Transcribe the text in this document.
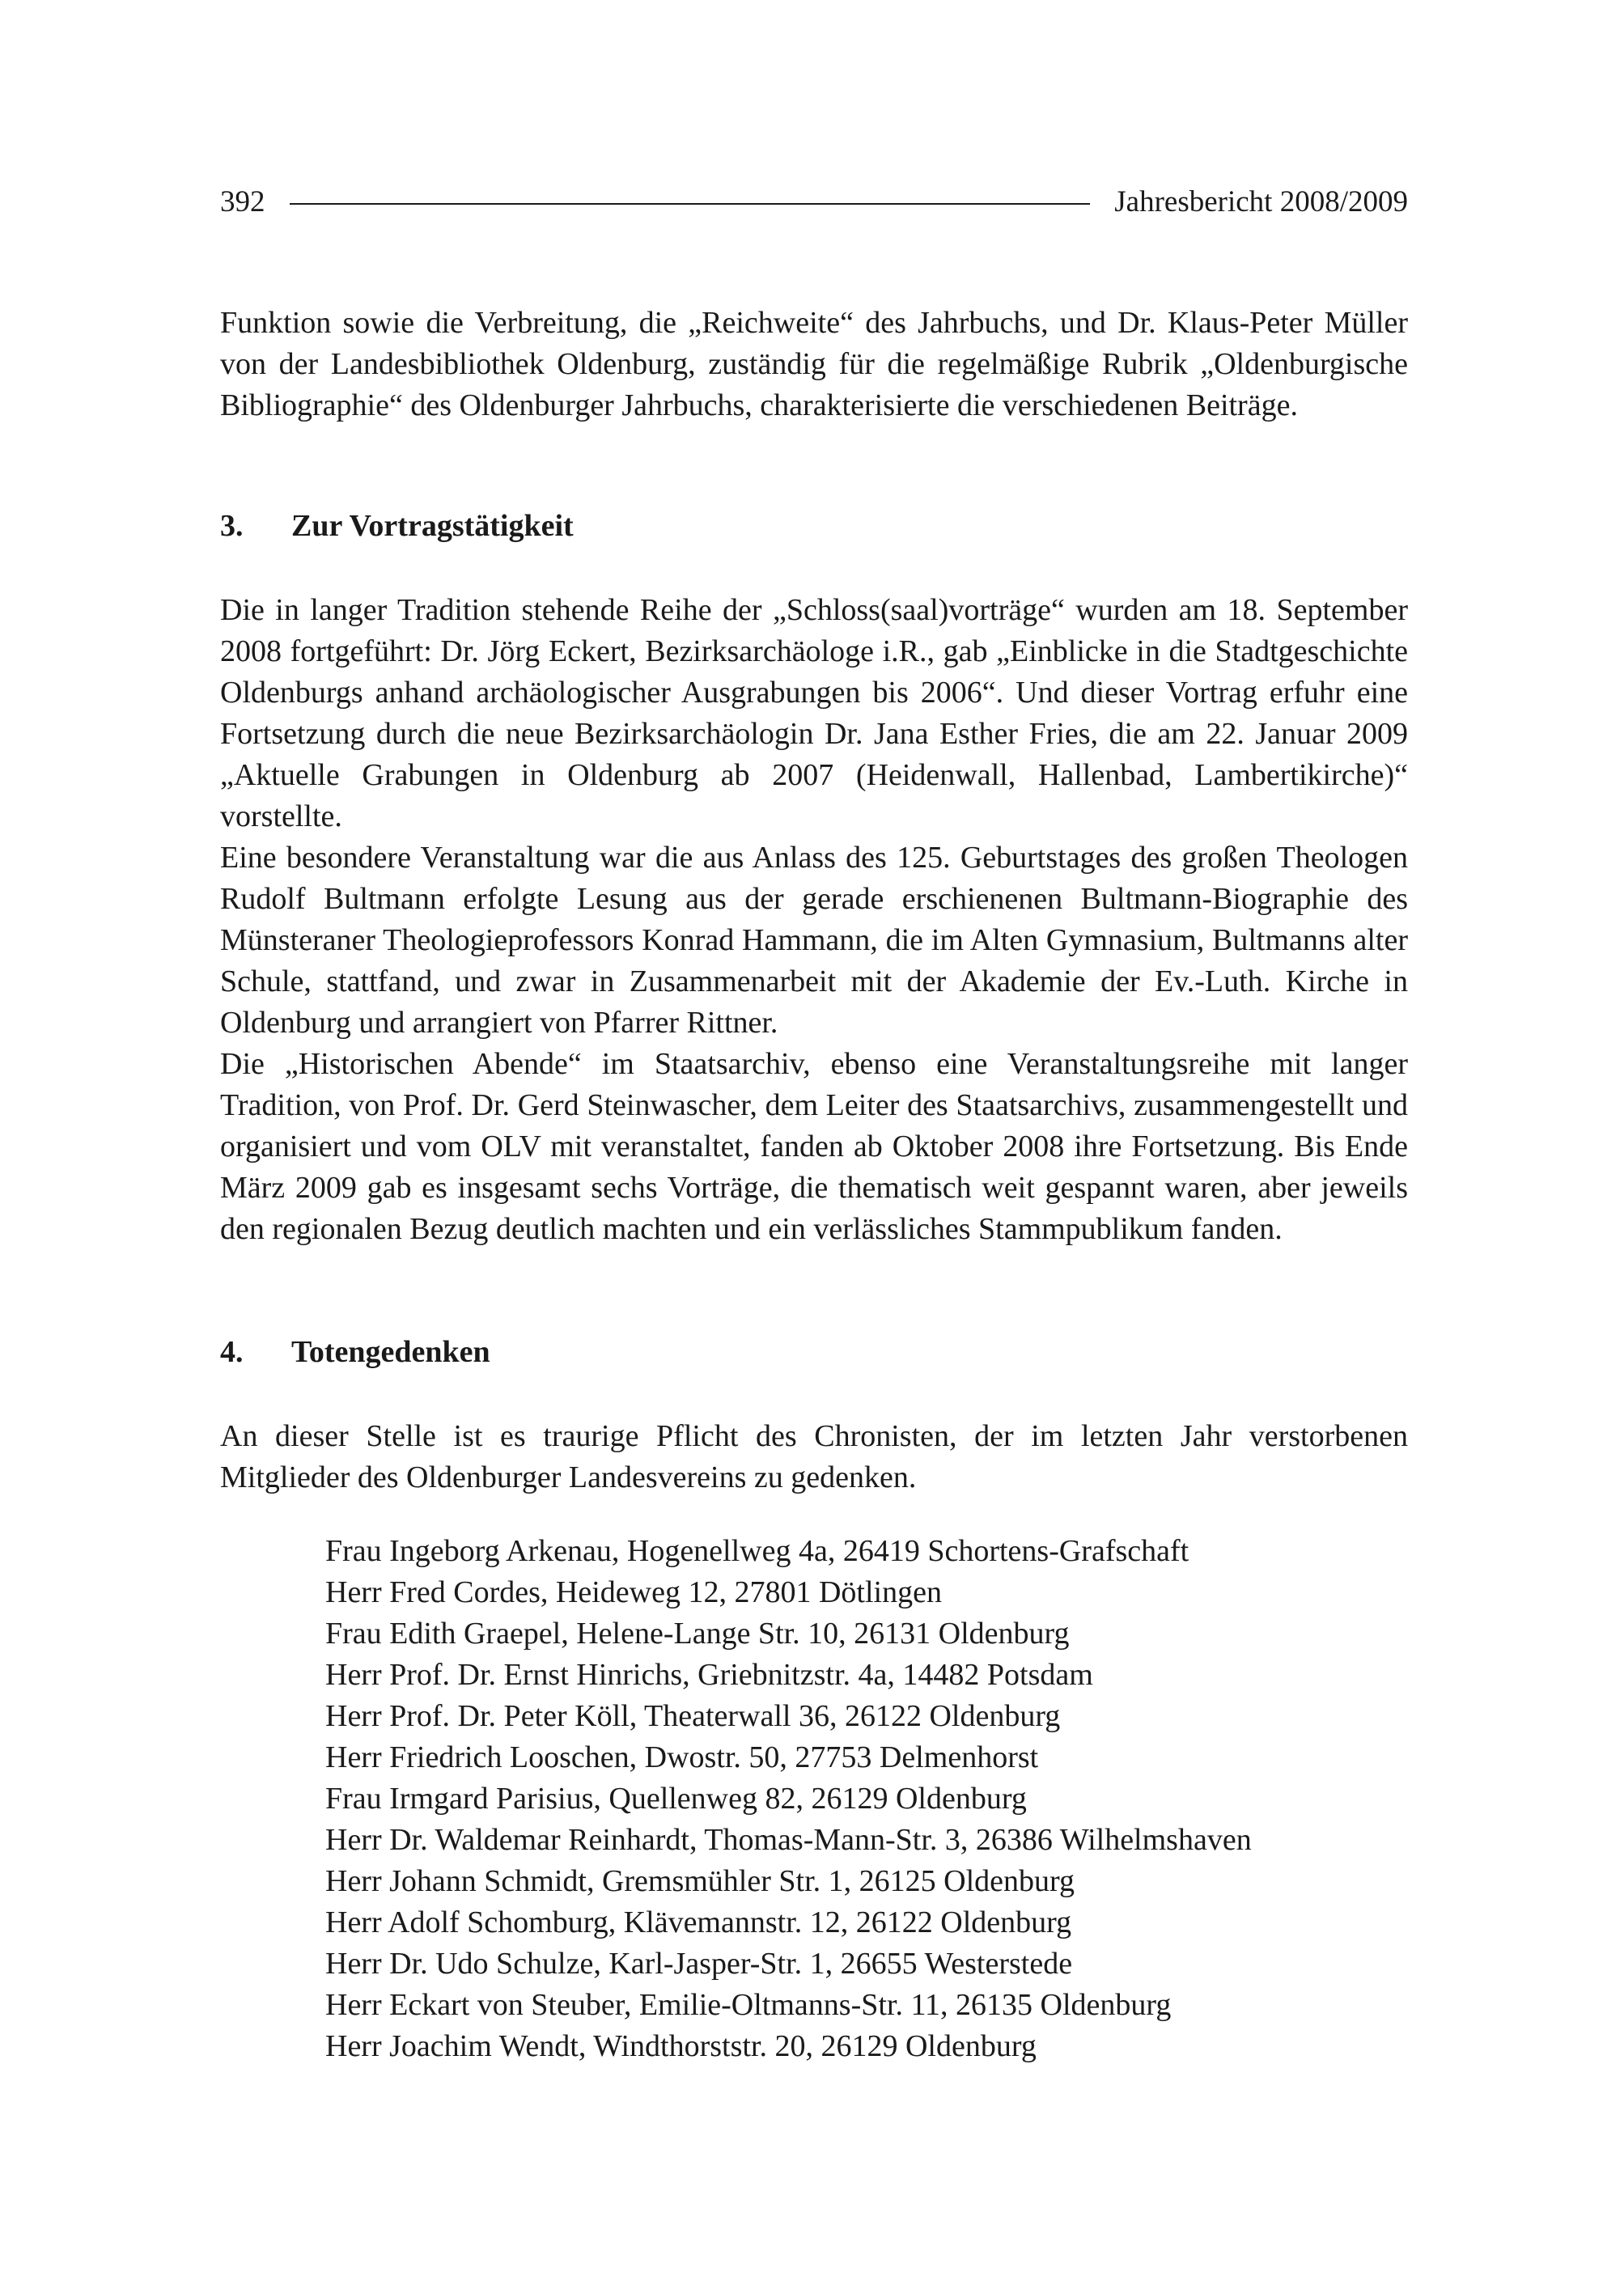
392	Jahresbericht 2008/2009

Funktion sowie die Verbreitung, die „Reichweite“ des Jahrbuchs, und Dr. Klaus-Peter Müller von der Landesbibliothek Oldenburg, zuständig für die regelmäßige Rubrik „Oldenburgische Bibliographie“ des Oldenburger Jahrbuchs, charakterisierte die verschiedenen Beiträge.

3.	Zur Vortragstätigkeit

Die in langer Tradition stehende Reihe der „Schloss(saal)vorträge“ wurden am 18. September 2008 fortgeführt: Dr. Jörg Eckert, Bezirksarchäologe i.R., gab „Einblicke in die Stadtgeschichte Oldenburgs anhand archäologischer Ausgrabungen bis 2006“. Und dieser Vortrag erfuhr eine Fortsetzung durch die neue Bezirksarchäologin Dr. Jana Esther Fries, die am 22. Januar 2009 „Aktuelle Grabungen in Oldenburg ab 2007 (Heidenwall, Hallenbad, Lambertikirche)“ vorstellte.

Eine besondere Veranstaltung war die aus Anlass des 125. Geburtstages des großen Theologen Rudolf Bultmann erfolgte Lesung aus der gerade erschienenen Bultmann-Biographie des Münsteraner Theologieprofessors Konrad Hammann, die im Alten Gymnasium, Bultmanns alter Schule, stattfand, und zwar in Zusammenarbeit mit der Akademie der Ev.-Luth. Kirche in Oldenburg und arrangiert von Pfarrer Rittner.

Die „Historischen Abende“ im Staatsarchiv, ebenso eine Veranstaltungsreihe mit langer Tradition, von Prof. Dr. Gerd Steinwascher, dem Leiter des Staatsarchivs, zusammengestellt und organisiert und vom OLV mit veranstaltet, fanden ab Oktober 2008 ihre Fortsetzung. Bis Ende März 2009 gab es insgesamt sechs Vorträge, die thematisch weit gespannt waren, aber jeweils den regionalen Bezug deutlich machten und ein verlässliches Stammpublikum fanden.

4.	Totengedenken

An dieser Stelle ist es traurige Pflicht des Chronisten, der im letzten Jahr verstorbenen Mitglieder des Oldenburger Landesvereins zu gedenken.

Frau Ingeborg Arkenau, Hogenellweg 4a, 26419 Schortens-Grafschaft
Herr Fred Cordes, Heideweg 12, 27801 Dötlingen
Frau Edith Graepel, Helene-Lange Str. 10, 26131 Oldenburg
Herr Prof. Dr. Ernst Hinrichs, Griebnitzstr. 4a, 14482 Potsdam
Herr Prof. Dr. Peter Köll, Theaterwall 36, 26122 Oldenburg
Herr Friedrich Looschen, Dwostr. 50, 27753 Delmenhorst
Frau Irmgard Parisius, Quellenweg 82, 26129 Oldenburg
Herr Dr. Waldemar Reinhardt, Thomas-Mann-Str. 3, 26386 Wilhelmshaven
Herr Johann Schmidt, Gremsmühler Str. 1, 26125 Oldenburg
Herr Adolf Schomburg, Klävemannstr. 12, 26122 Oldenburg
Herr Dr. Udo Schulze, Karl-Jasper-Str. 1, 26655 Westerstede
Herr Eckart von Steuber, Emilie-Oltmanns-Str. 11, 26135 Oldenburg
Herr Joachim Wendt, Windthorststr. 20, 26129 Oldenburg
